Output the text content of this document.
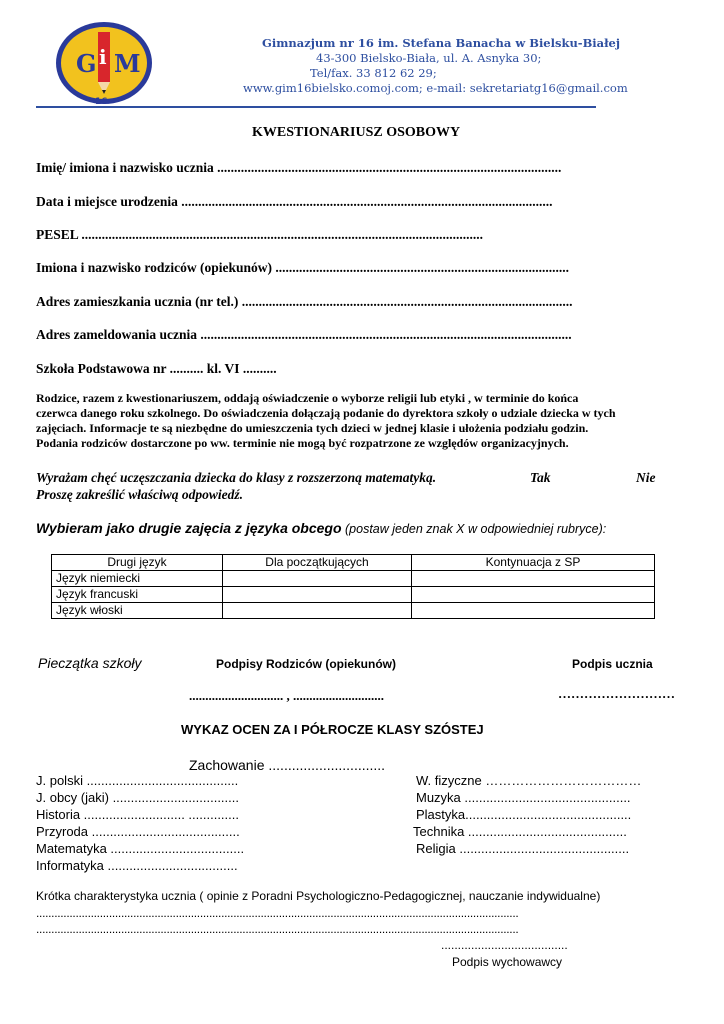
G i M
16
Gimnazjum nr 16 im. Stefana Banacha w Bielsku-Białej
43-300 Bielsko-Biała, ul. A. Asnyka 30;
Tel/fax. 33 812 62 29;
www.gim16bielsko.comoj.com; e-mail: sekretariatg16@gmail.com
KWESTIONARIUSZ OSOBOWY
Imię/ imiona i nazwisko ucznia ......................................................................................................
Data i miejsce urodzenia ..............................................................................................................
PESEL .......................................................................................................................
Imiona i nazwisko rodziców (opiekunów) .......................................................................................
Adres zamieszkania ucznia (nr tel.) ..................................................................................................
Adres zameldowania ucznia ..............................................................................................................
Szkoła Podstawowa nr .......... kl. VI ..........
Rodzice, razem z kwestionariuszem, oddają oświadczenie o wyborze religii lub etyki , w terminie do końca
czerwca danego roku szkolnego. Do oświadczenia dołączają podanie do dyrektora szkoły o udziale dziecka w tych
zajęciach. Informacje te są niezbędne do umieszczenia tych dzieci w jednej klasie i ułożenia podziału godzin.
Podania rodziców dostarczone po ww. terminie nie mogą być rozpatrzone ze względów organizacyjnych.
Wyrażam chęć uczęszczania dziecka do klasy z rozszerzoną matematyką.	Tak	Nie
Proszę zakreślić właściwą odpowiedź.
Wybieram jako drugie zajęcia z języka obcego (postaw jeden znak X w odpowiedniej rubryce):
Drugi język	Dla początkujących	Kontynuacja z SP
Język niemiecki		
Język francuski		
Język włoski		
Pieczątka szkoły	Podpisy Rodziców (opiekunów)	Podpis ucznia
............................. , ............................	………………………
WYKAZ OCEN ZA I PÓŁROCZE KLASY SZÓSTEJ
Zachowanie ..............................
J. polski ..........................................
J. obcy (jaki) ...................................
Historia ............................ ..............
Przyroda .........................................
Matematyka .....................................
Informatyka ....................................
W. fizyczne ………………………………
Muzyka ..............................................
Plastyka..............................................
Technika ............................................
Religia ...............................................
Krótka charakterystyka ucznia ( opinie z Poradni Psychologiczno-Pedagogicznej, nauczanie indywidualne)
...............................................................................................................................................................
...............................................................................................................................................................
......................................
Podpis wychowawcy
